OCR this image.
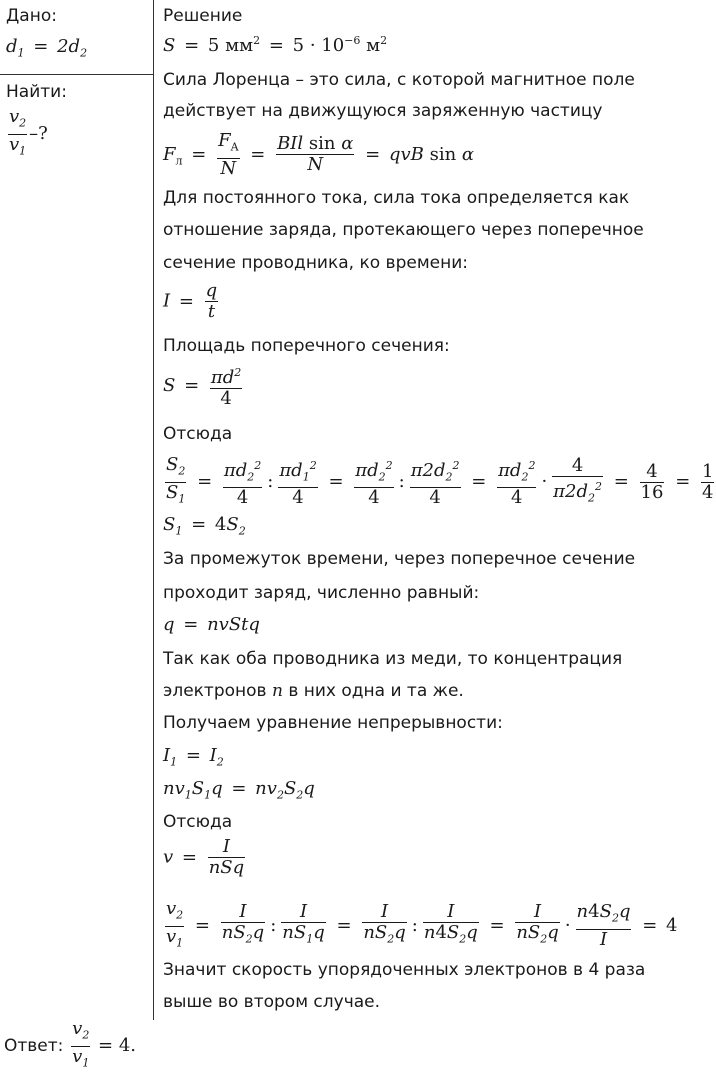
Дано:
$d_1 = 2d_2$
Найти:
$\frac{v_2}{v_1}$ –?
Решение
S = 5 $мм^2 = 5 \cdot 10^{-6}$ $м^2$
Сила Лоренца – это сила, с которой магнитное поле
действует на движущуюся заряженную частицу
$F_л = \frac{F_A}{N} = \frac{\text{BIl sin α}}{N}$ = qvB sin α
Для постоянного тока, сила тока определяется как
отношение заряда, протекающего через поперечное
сечение проводника, ко времени:
$I = \frac{q}{t}$
Площадь поперечного сечения:
$S = \frac{\pi d^2}{4}$
Отсюда
$\frac{S_2}{S_1} = \frac{\pi d_2^2}{4}$ : $\frac{\pi d_1^2}{4} = \frac{\pi d_2^2}{4}$ : $\frac{\pi 2d_2^2}{4} = \frac{\pi d_2^2}{4} \cdot \frac{4}{\pi 2d_2^2} = \frac{4}{16} = \frac{1}{4}$
$S_1 = 4S_2$
За промежуток времени, через поперечное сечение
проходит заряд, численно равный:
q = nvStq
Так как оба проводника из меди, то концентрация
электронов n в них одна и та же.
Получаем уравнение непрерывности:
$I_1 = I_2$
$nv_1S_1q = nv_2S_2q$
Отсюда
$v = \frac{I}{\text{nSq}}$
$\frac{v_2}{v_1} = \frac{I}{nS_2q}$ : $\frac{I}{nS_1q} = \frac{I}{nS_2q}$ : $\frac{I}{n4S_2q} = \frac{I}{nS_2q} \cdot \frac{n4S_2q}{I} = 4$
Значит скорость упорядоченных электронов в 4 раза
выше во втором случае.
Ответ: $\frac{v_2}{v_1} = 4$.
